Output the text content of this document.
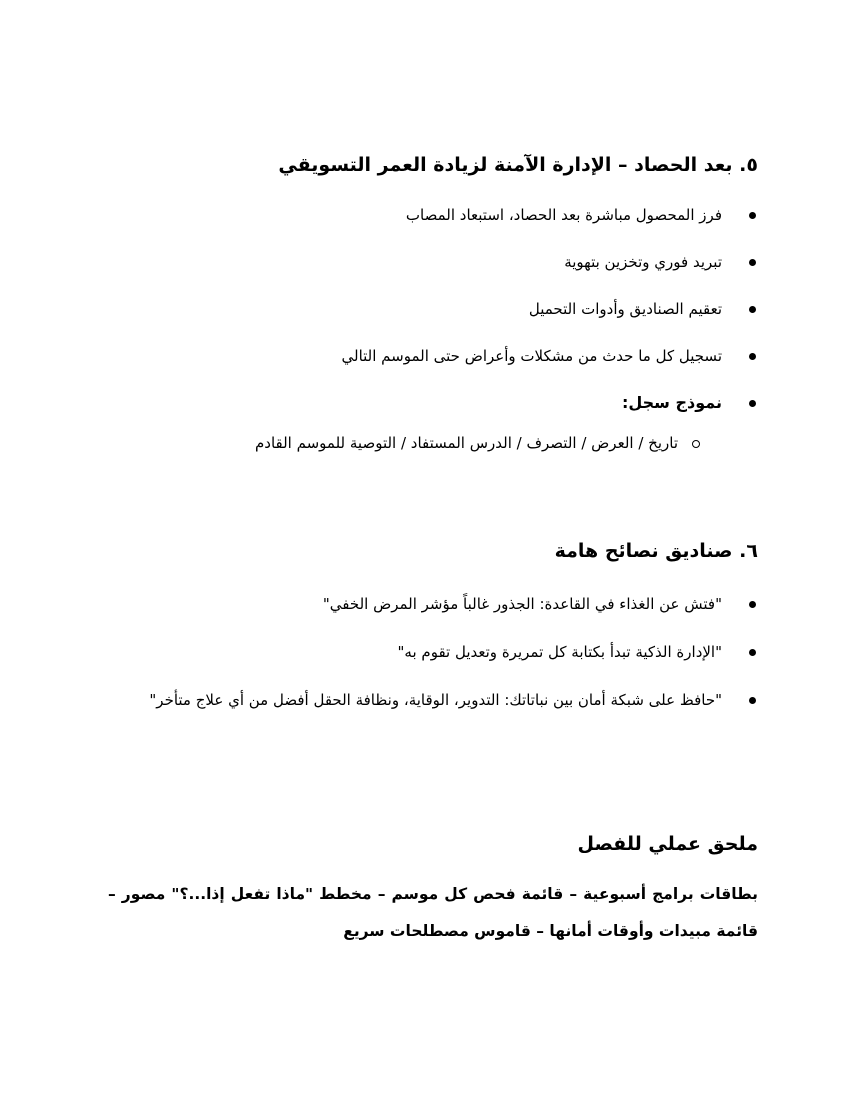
٥. بعد الحصاد – الإدارة الآمنة لزيادة العمر التسويقي
فرز المحصول مباشرة بعد الحصاد، استبعاد المصاب
تبريد فوري وتخزين بتهوية
تعقيم الصناديق وأدوات التحميل
تسجيل كل ما حدث من مشكلات وأعراض حتى الموسم التالي
نموذج سجل:
تاريخ / العرض / التصرف / الدرس المستفاد / التوصية للموسم القادم
٦. صناديق نصائح هامة
"فتش عن الغذاء في القاعدة: الجذور غالباً مؤشر المرض الخفي"
"الإدارة الذكية تبدأ بكتابة كل تمريرة وتعديل تقوم به"
"حافظ على شبكة أمان بين نباتاتك: التدوير، الوقاية، ونظافة الحقل أفضل من أي علاج متأخر"
ملحق عملي للفصل
بطاقات برامج أسبوعية – قائمة فحص كل موسم – مخطط "ماذا تفعل إذا...؟" مصور – قائمة مبيدات وأوقات أمانها – قاموس مصطلحات سريع
